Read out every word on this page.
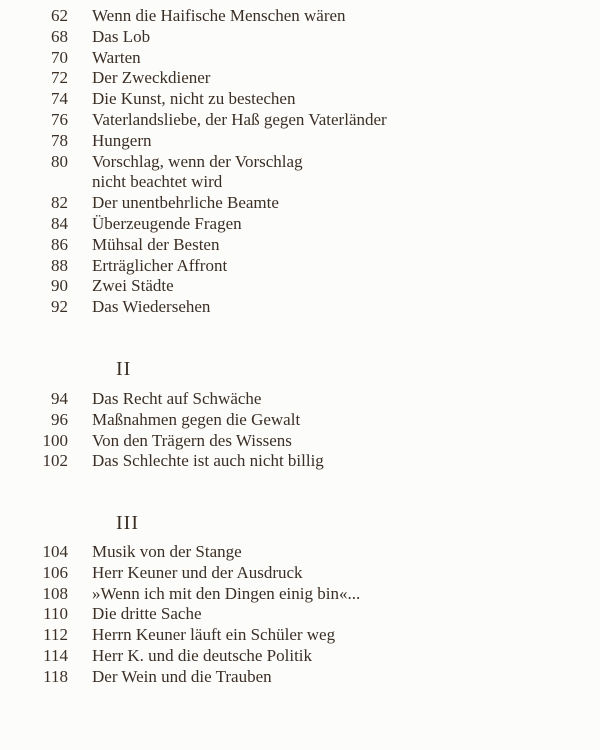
62	Wenn die Haifische Menschen wären
68	Das Lob
70	Warten
72	Der Zweckdiener
74	Die Kunst, nicht zu bestechen
76	Vaterlandsliebe, der Haß gegen Vaterländer
78	Hungern
80	Vorschlag, wenn der Vorschlag
nicht beachtet wird
82	Der unentbehrliche Beamte
84	Überzeugende Fragen
86	Mühsal der Besten
88	Erträglicher Affront
90	Zwei Städte
92	Das Wiedersehen
II
94	Das Recht auf Schwäche
96	Maßnahmen gegen die Gewalt
100	Von den Trägern des Wissens
102	Das Schlechte ist auch nicht billig
III
104	Musik von der Stange
106	Herr Keuner und der Ausdruck
108	»Wenn ich mit den Dingen einig bin«...
110	Die dritte Sache
112	Herrn Keuner läuft ein Schüler weg
114	Herr K. und die deutsche Politik
118	Der Wein und die Trauben
